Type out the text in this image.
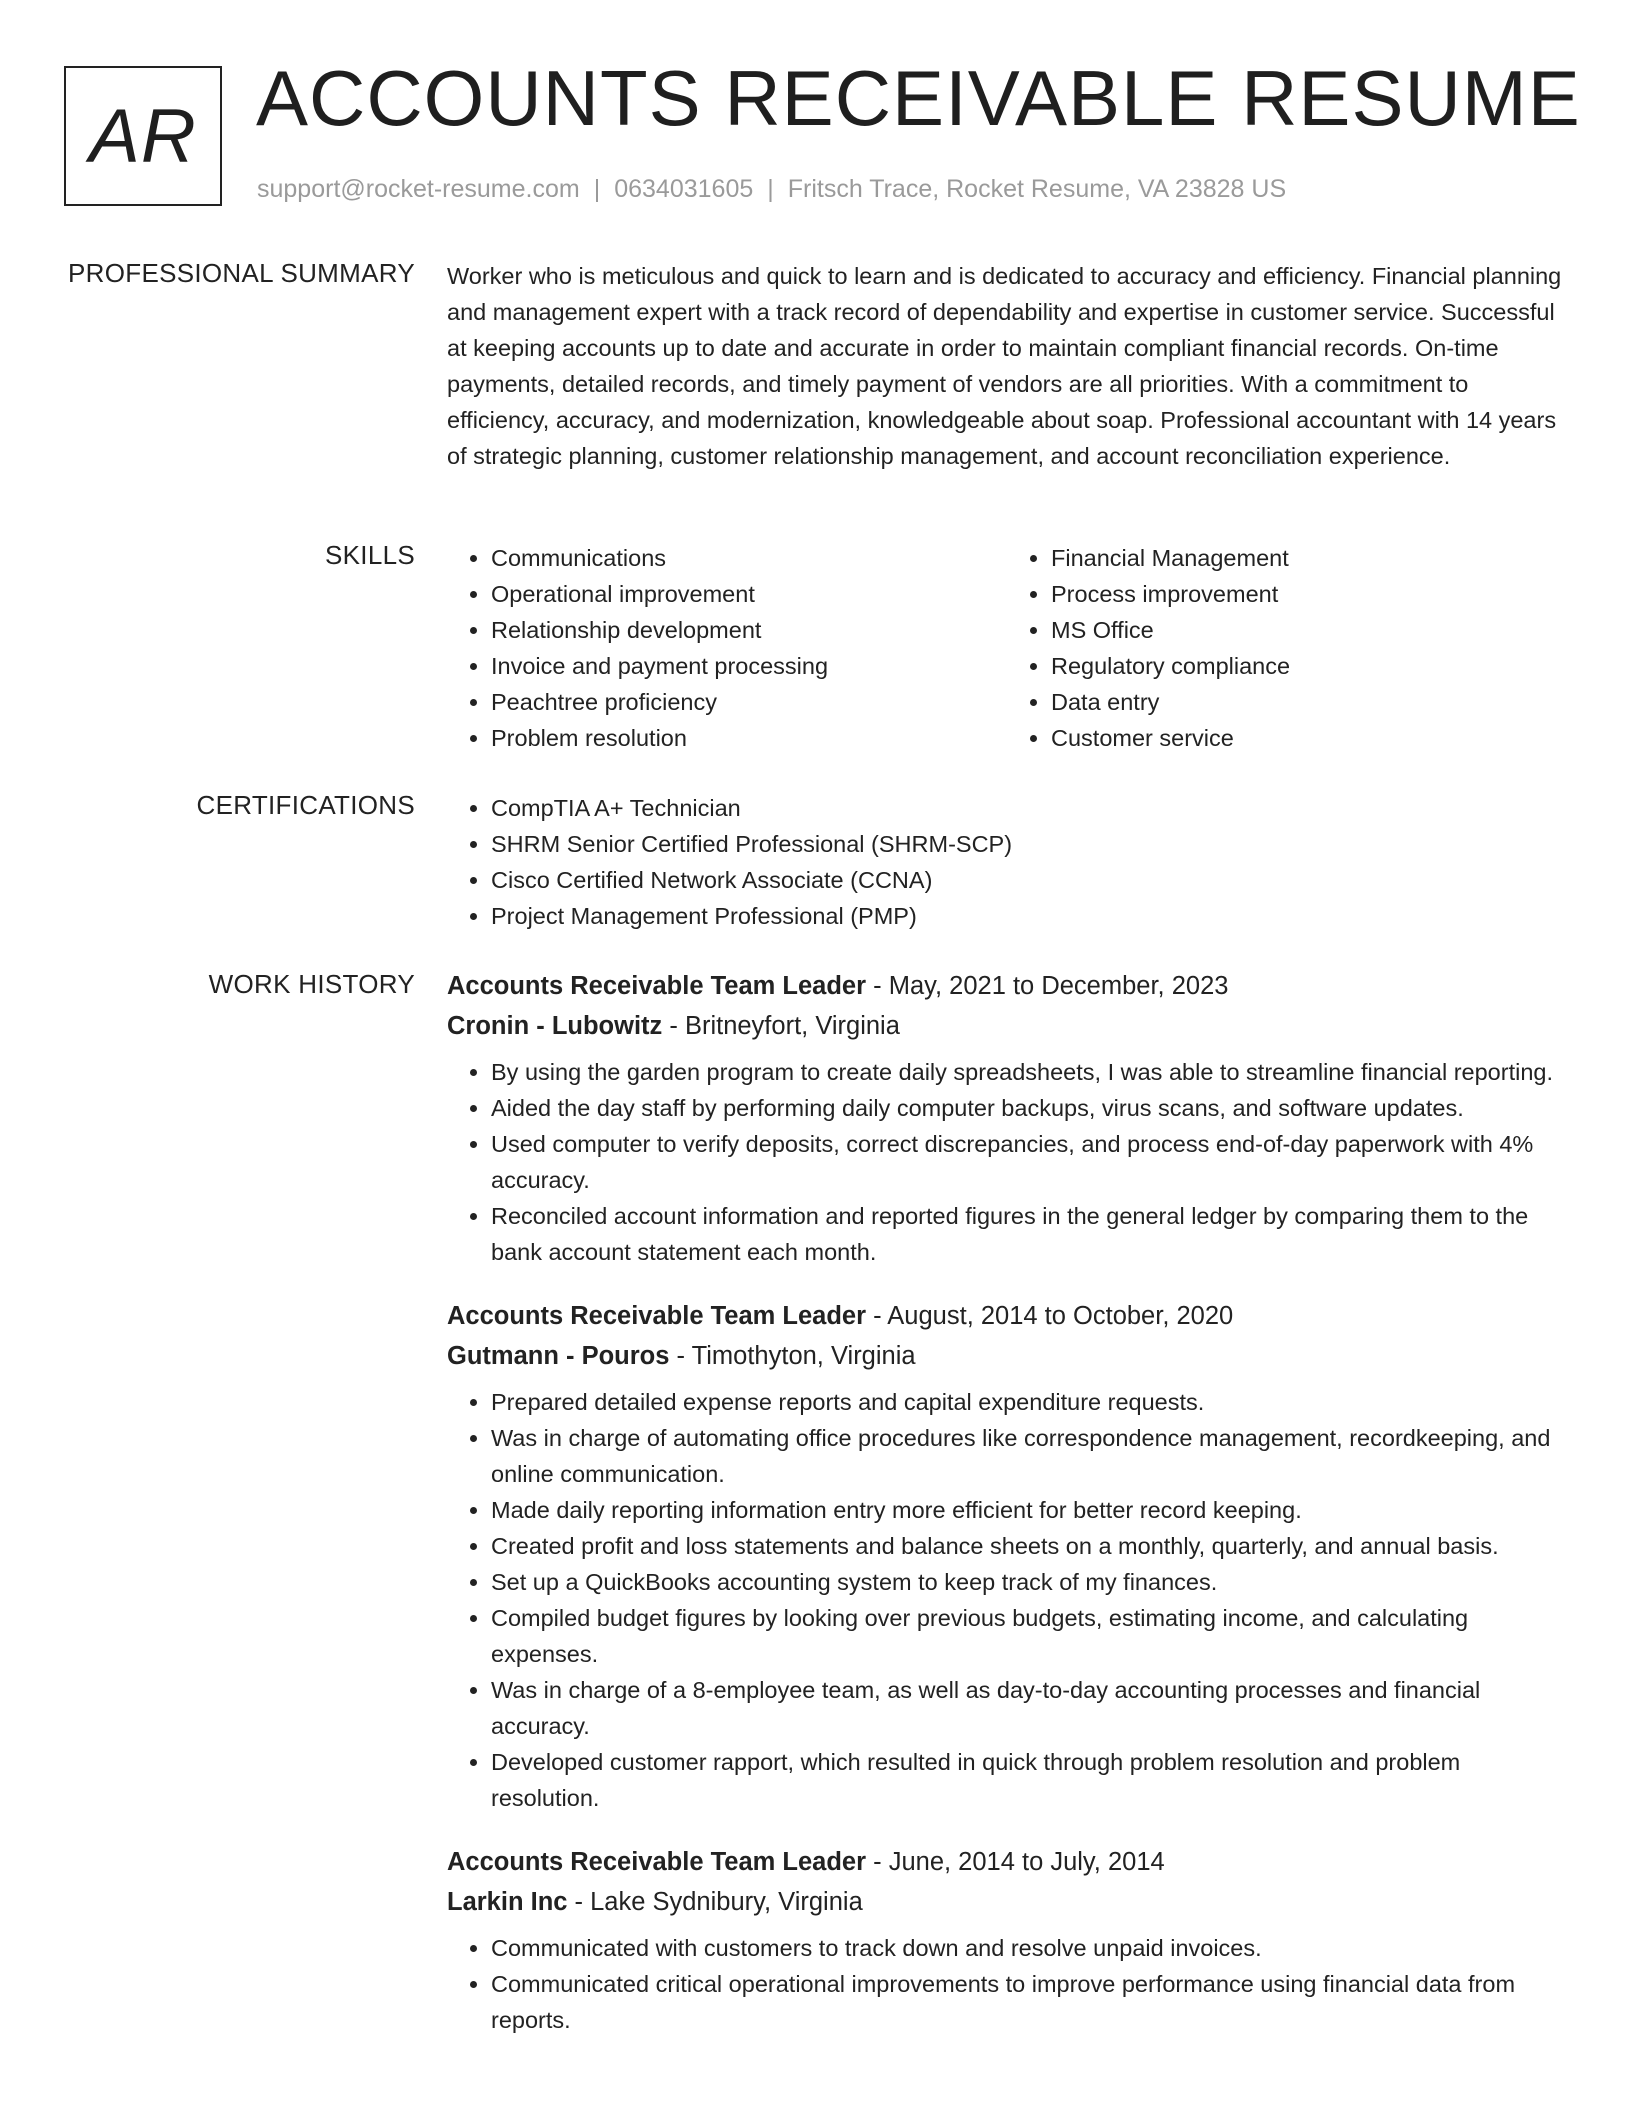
AR ACCOUNTS RECEIVABLE RESUME
support@rocket-resume.com | 0634031605 | Fritsch Trace, Rocket Resume, VA 23828 US
PROFESSIONAL SUMMARY Worker who is meticulous and quick to learn and is dedicated to accuracy and efficiency. Financial planning and management expert with a track record of dependability and expertise in customer service. Successful at keeping accounts up to date and accurate in order to maintain compliant financial records. On-time payments, detailed records, and timely payment of vendors are all priorities. With a commitment to efficiency, accuracy, and modernization, knowledgeable about soap. Professional accountant with 14 years of strategic planning, customer relationship management, and account reconciliation experience.
SKILLS	• Communications
• Operational improvement
• Relationship development
• Invoice and payment processing
• Peachtree proficiency
• Problem resolution
• Financial Management
• Process improvement
• MS Office
• Regulatory compliance
• Data entry
• Customer service
CERTIFICATIONS	• CompTIA A+ Technician
• SHRM Senior Certified Professional (SHRM-SCP)
• Cisco Certified Network Associate (CCNA)
• Project Management Professional (PMP)
WORK HISTORY Accounts Receivable Team Leader - May, 2021 to December, 2023
Cronin - Lubowitz - Britneyfort, Virginia
• By using the garden program to create daily spreadsheets, I was able to streamline financial reporting.
• Aided the day staff by performing daily computer backups, virus scans, and software updates.
• Used computer to verify deposits, correct discrepancies, and process end-of-day paperwork with 4% accuracy.
• Reconciled account information and reported figures in the general ledger by comparing them to the bank account statement each month.
Accounts Receivable Team Leader - August, 2014 to October, 2020
Gutmann - Pouros - Timothyton, Virginia
• Prepared detailed expense reports and capital expenditure requests.
• Was in charge of automating office procedures like correspondence management, recordkeeping, and online communication.
• Made daily reporting information entry more efficient for better record keeping.
• Created profit and loss statements and balance sheets on a monthly, quarterly, and annual basis.
• Set up a QuickBooks accounting system to keep track of my finances.
• Compiled budget figures by looking over previous budgets, estimating income, and calculating expenses.
• Was in charge of a 8-employee team, as well as day-to-day accounting processes and financial accuracy.
• Developed customer rapport, which resulted in quick through problem resolution and problem resolution.
Accounts Receivable Team Leader - June, 2014 to July, 2014
Larkin Inc - Lake Sydnibury, Virginia
• Communicated with customers to track down and resolve unpaid invoices.
• Communicated critical operational improvements to improve performance using financial data from reports.
